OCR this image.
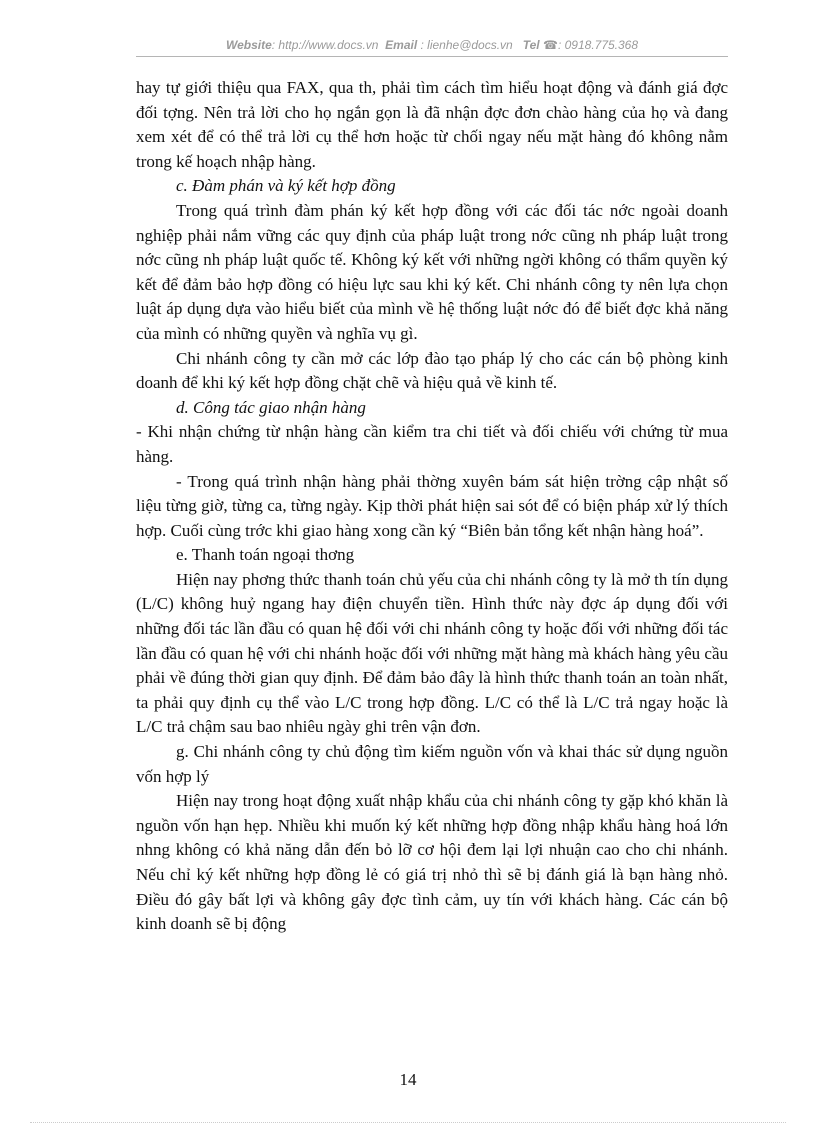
Website: http://www.docs.vn Email : lienhe@docs.vn Tel ☎: 0918.775.368

hay tự giới thiệu qua FAX, qua th, phải tìm cách tìm hiểu hoạt động và đánh giá đợc đối tợng. Nên trả lời cho họ ngắn gọn là đã nhận đợc đơn chào hàng của họ và đang xem xét để có thể trả lời cụ thể hơn hoặc từ chối ngay nếu mặt hàng đó không nằm trong kế hoạch nhập hàng.

c. Đàm phán và ký kết hợp đồng

Trong quá trình đàm phán ký kết hợp đồng với các đối tác nớc ngoài doanh nghiệp phải nắm vững các quy định của pháp luật trong nớc cũng nh pháp luật trong nớc cũng nh pháp luật quốc tế. Không ký kết với những ngời không có thẩm quyền ký kết để đảm bảo hợp đồng có hiệu lực sau khi ký kết. Chi nhánh công ty nên lựa chọn luật áp dụng dựa vào hiểu biết của mình về hệ thống luật nớc đó để biết đợc khả năng của mình có những quyền và nghĩa vụ gì.

Chi nhánh công ty cần mở các lớp đào tạo pháp lý cho các cán bộ phòng kinh doanh để khi ký kết hợp đồng chặt chẽ và hiệu quả về kinh tế.

d. Công tác giao nhận hàng

- Khi nhận chứng từ nhận hàng cần kiểm tra chi tiết và đối chiếu với chứng từ mua hàng.

- Trong quá trình nhận hàng phải thờng xuyên bám sát hiện trờng cập nhật số liệu từng giờ, từng ca, từng ngày. Kịp thời phát hiện sai sót để có biện pháp xử lý thích hợp. Cuối cùng trớc khi giao hàng xong cần ký “Biên bản tổng kết nhận hàng hoá”.

e. Thanh toán ngoại thơng

Hiện nay phơng thức thanh toán chủ yếu của chi nhánh công ty là mở th tín dụng (L/C) không huỷ ngang hay điện chuyển tiền. Hình thức này đợc áp dụng đối với những đối tác lần đầu có quan hệ đối với chi nhánh công ty hoặc đối với những đối tác lần đầu có quan hệ với chi nhánh hoặc đối với những mặt hàng mà khách hàng yêu cầu phải về đúng thời gian quy định. Để đảm bảo đây là hình thức thanh toán an toàn nhất, ta phải quy định cụ thể vào L/C trong hợp đồng. L/C có thể là L/C trả ngay hoặc là L/C trả chậm sau bao nhiêu ngày ghi trên vận đơn.

g. Chi nhánh công ty chủ động tìm kiếm nguồn vốn và khai thác sử dụng nguồn vốn hợp lý

Hiện nay trong hoạt động xuất nhập khẩu của chi nhánh công ty gặp khó khăn là nguồn vốn hạn hẹp. Nhiều khi muốn ký kết những hợp đồng nhập khẩu hàng hoá lớn nhng không có khả năng dẫn đến bỏ lỡ cơ hội đem lại lợi nhuận cao cho chi nhánh. Nếu chỉ ký kết những hợp đồng lẻ có giá trị nhỏ thì sẽ bị đánh giá là bạn hàng nhỏ. Điều đó gây bất lợi và không gây đợc tình cảm, uy tín với khách hàng. Các cán bộ kinh doanh sẽ bị động

14
